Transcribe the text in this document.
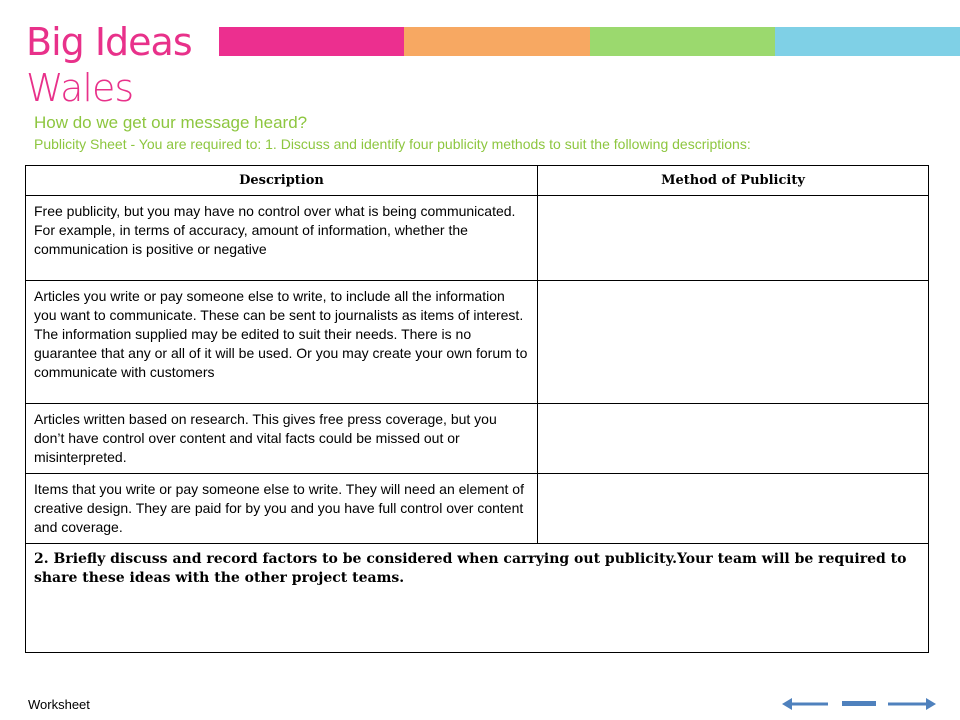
Big Ideas

Wales

How do we get our message heard?

Publicity Sheet - You are required to: 1. Discuss and identify four publicity methods to suit the following descriptions:

Description	Method of Publicity
Free publicity, but you may have no control over what is being communicated. For example, in terms of accuracy, amount of information, whether the communication is positive or negative	
Articles you write or pay someone else to write, to include all the information you want to communicate. These can be sent to journalists as items of interest. The information supplied may be edited to suit their needs. There is no guarantee that any or all of it will be used. Or you may create your own forum to communicate with customers	
Articles written based on research. This gives free press coverage, but you don’t have control over content and vital facts could be missed out or misinterpreted.	
Items that you write or pay someone else to write. They will need an element of creative design. They are paid for by you and you have full control over content and coverage.	
2. Briefly discuss and record factors to be considered when carrying out publicity.Your team will be required to share these ideas with the other project teams.	

Worksheet
